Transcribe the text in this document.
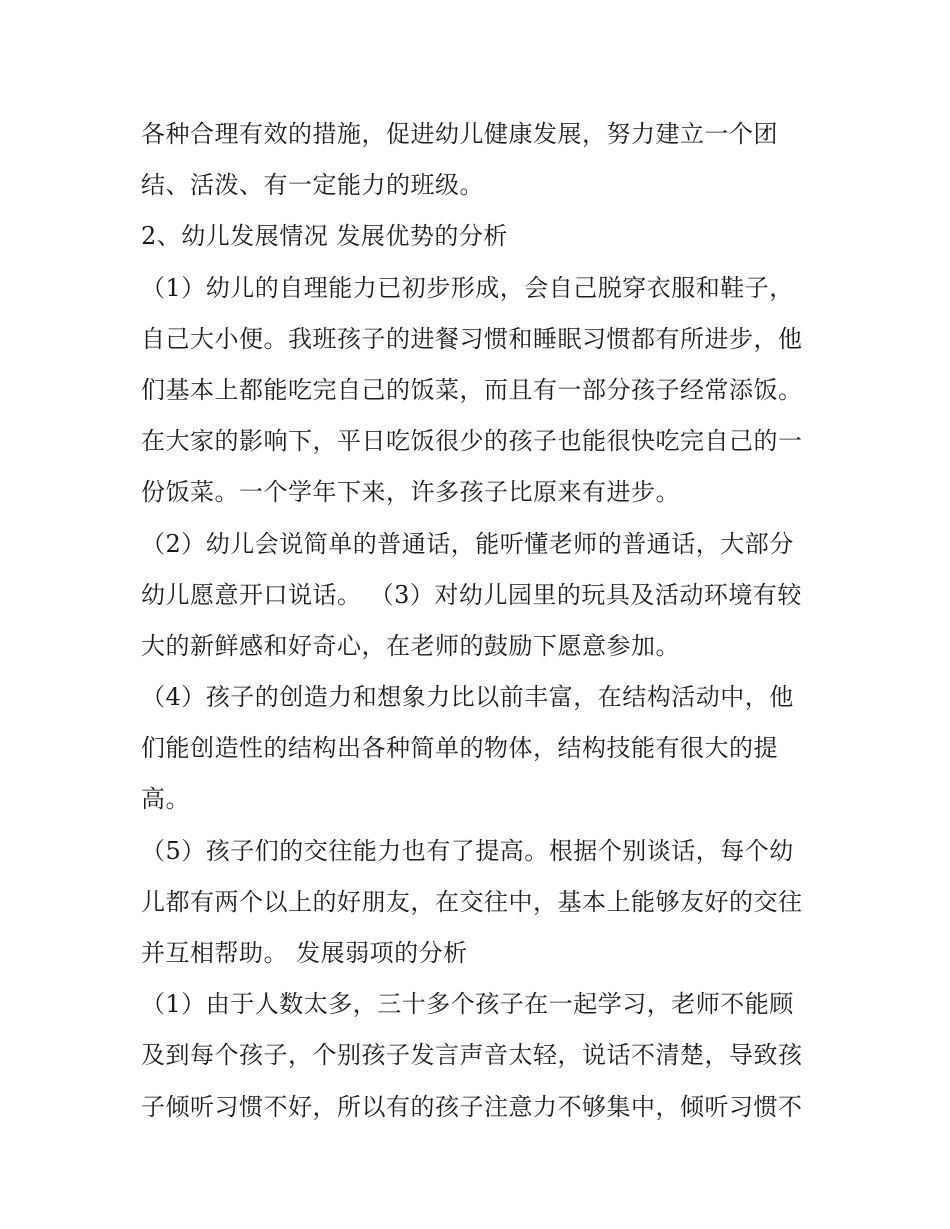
各种合理有效的措施，促进幼儿健康发展，努力建立一个团
结、活泼、有一定能力的班级。
2、幼儿发展情况 发展优势的分析
（1）幼儿的自理能力已初步形成，会自己脱穿衣服和鞋子，
自己大小便。我班孩子的进餐习惯和睡眠习惯都有所进步，他
们基本上都能吃完自己的饭菜，而且有一部分孩子经常添饭。
在大家的影响下，平日吃饭很少的孩子也能很快吃完自己的一
份饭菜。一个学年下来，许多孩子比原来有进步。
（2）幼儿会说简单的普通话，能听懂老师的普通话，大部分
幼儿愿意开口说话。 （3）对幼儿园里的玩具及活动环境有较
大的新鲜感和好奇心，在老师的鼓励下愿意参加。
（4）孩子的创造力和想象力比以前丰富，在结构活动中，他
们能创造性的结构出各种简单的物体，结构技能有很大的提
高。
（5）孩子们的交往能力也有了提高。根据个别谈话，每个幼
儿都有两个以上的好朋友，在交往中，基本上能够友好的交往
并互相帮助。 发展弱项的分析
（1）由于人数太多，三十多个孩子在一起学习，老师不能顾
及到每个孩子，个别孩子发言声音太轻，说话不清楚，导致孩
子倾听习惯不好，所以有的孩子注意力不够集中，倾听习惯不
